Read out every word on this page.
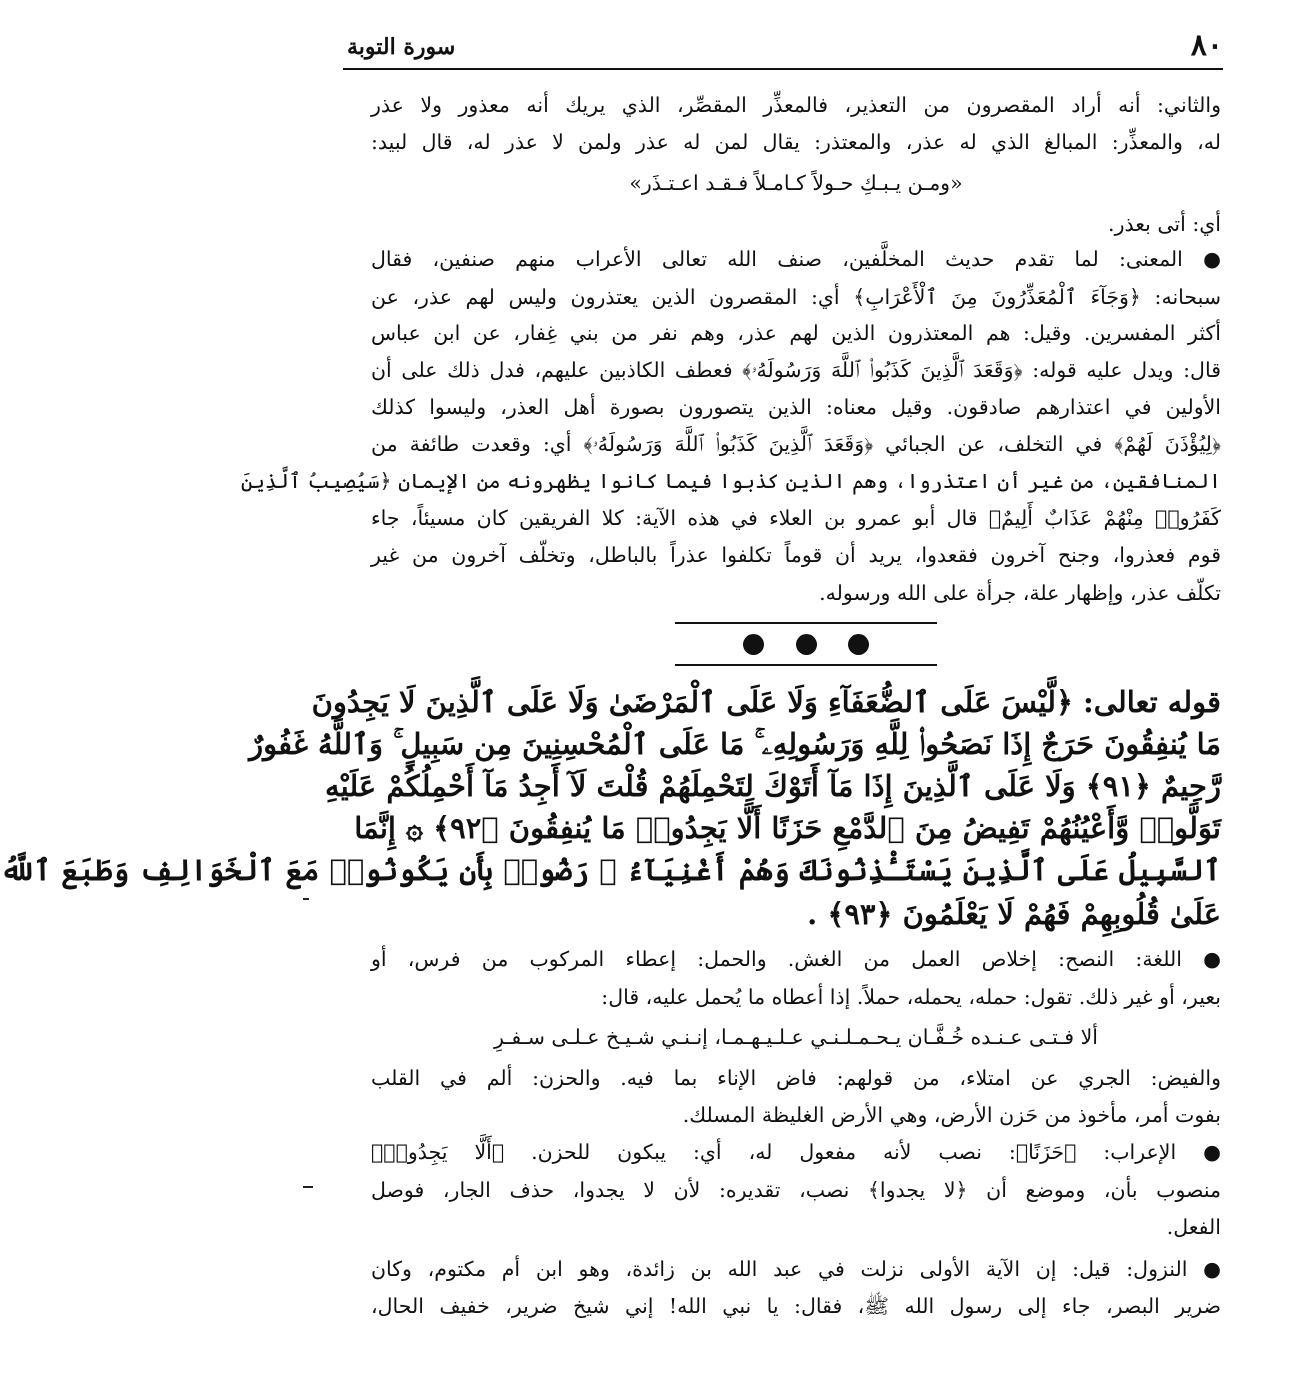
٨٠
سورة التوبة
والثاني: أنه أراد المقصرون من التعذير، فالمعذِّر المقصِّر، الذي يريك أنه معذور ولا عذر
له، والمعذِّر: المبالغ الذي له عذر، والمعتذر: يقال لمن له عذر ولمن لا عذر له، قال لبيد:
«ومـن يـبـكِ حـولاً كـامـلاً فـقـد اعـتـذَر»
أي: أتى بعذر.
● المعنى: لما تقدم حديث المخلَّفين، صنف الله تعالى الأعراب منهم صنفين، فقال
سبحانه: ﴿وَجَآءَ ٱلْمُعَذِّرُونَ مِنَ ٱلْأَعْرَابِ﴾ أي: المقصرون الذين يعتذرون وليس لهم عذر، عن
أكثر المفسرين. وقيل: هم المعتذرون الذين لهم عذر، وهم نفر من بني غِفار، عن ابن عباس
قال: ويدل عليه قوله: ﴿وَقَعَدَ ٱلَّذِينَ كَذَبُوا۟ ٱللَّهَ وَرَسُولَهُۥ﴾ فعطف الكاذبين عليهم، فدل ذلك على أن
الأولين في اعتذارهم صادقون. وقيل معناه: الذين يتصورون بصورة أهل العذر، وليسوا كذلك
﴿لِيُؤْذَنَ لَهُمْ﴾ في التخلف، عن الجبائي ﴿وَقَعَدَ ٱلَّذِينَ كَذَبُوا۟ ٱللَّهَ وَرَسُولَهُۥ﴾ أي: وقعدت طائفة من
المنافقين، من غير أن اعتذروا، وهم الذين كذبوا فيما كانوا يظهرونه من الإيمان ﴿سَيُصِيبُ ٱلَّذِينَ
كَفَرُوا۟ مِنْهُمْ عَذَابٌ أَلِيمٌ﴾ قال أبو عمرو بن العلاء في هذه الآية: كلا الفريقين كان مسيئاً، جاء
قوم فعذروا، وجنح آخرون فقعدوا، يريد أن قوماً تكلفوا عذراً بالباطل، وتخلّف آخرون من غير
تكلّف عذر، وإظهار علة، جرأة على الله ورسوله.
قوله تعالى: ﴿لَّيْسَ عَلَى ٱلضُّعَفَآءِ وَلَا عَلَى ٱلْمَرْضَىٰ وَلَا عَلَى ٱلَّذِينَ لَا يَجِدُونَ
مَا يُنفِقُونَ حَرَجٌ إِذَا نَصَحُوا۟ لِلَّهِ وَرَسُولِهِۦ ۚ مَا عَلَى ٱلْمُحْسِنِينَ مِن سَبِيلٍ ۚ وَٱللَّهُ غَفُورٌ
رَّحِيمٌ ﴿٩١﴾ وَلَا عَلَى ٱلَّذِينَ إِذَا مَآ أَتَوْكَ لِتَحْمِلَهُمْ قُلْتَ لَآ أَجِدُ مَآ أَحْمِلُكُمْ عَلَيْهِ
تَوَلَّوا۟ وَّأَعْيُنُهُمْ تَفِيضُ مِنَ ٱلدَّمْعِ حَزَنًا أَلَّا يَجِدُوا۟ مَا يُنفِقُونَ ﴿٩٢﴾ ۞ إِنَّمَا
ٱلسَّبِيلُ عَلَى ٱلَّذِينَ يَسْتَـْٔذِنُونَكَ وَهُمْ أَغْنِيَآءُ ۚ رَضُوا۟ بِأَن يَكُونُوا۟ مَعَ ٱلْخَوَالِفِ وَطَبَعَ ٱللَّهُ
عَلَىٰ قُلُوبِهِمْ فَهُمْ لَا يَعْلَمُونَ ﴿٩٣﴾ .
● اللغة: النصح: إخلاص العمل من الغش. والحمل: إعطاء المركوب من فرس، أو
بعير، أو غير ذلك. تقول: حمله، يحمله، حملاً. إذا أعطاه ما يُحمل عليه، قال:
ألا فـتـى عـنـده خُـفَّـان يـحـمـلـنـي عـلـيـهـمـا، إنـنـي شـيـخ عـلـى سـفـرِ
والفيض: الجري عن امتلاء، من قولهم: فاض الإناء بما فيه. والحزن: ألم في القلب
بفوت أمر، مأخوذ من حَزن الأرض، وهي الأرض الغليظة المسلك.
● الإعراب: ﴿حَزَنًا﴾: نصب لأنه مفعول له، أي: يبكون للحزن. ﴿أَلَّا يَجِدُوا۟﴾
منصوب بأن، وموضع أن ﴿لا يجدوا﴾ نصب، تقديره: لأن لا يجدوا، حذف الجار، فوصل
الفعل.
● النزول: قيل: إن الآية الأولى نزلت في عبد الله بن زائدة، وهو ابن أم مكتوم، وكان
ضرير البصر، جاء إلى رسول الله ﷺ، فقال: يا نبي الله! إني شيخ ضرير، خفيف الحال،
